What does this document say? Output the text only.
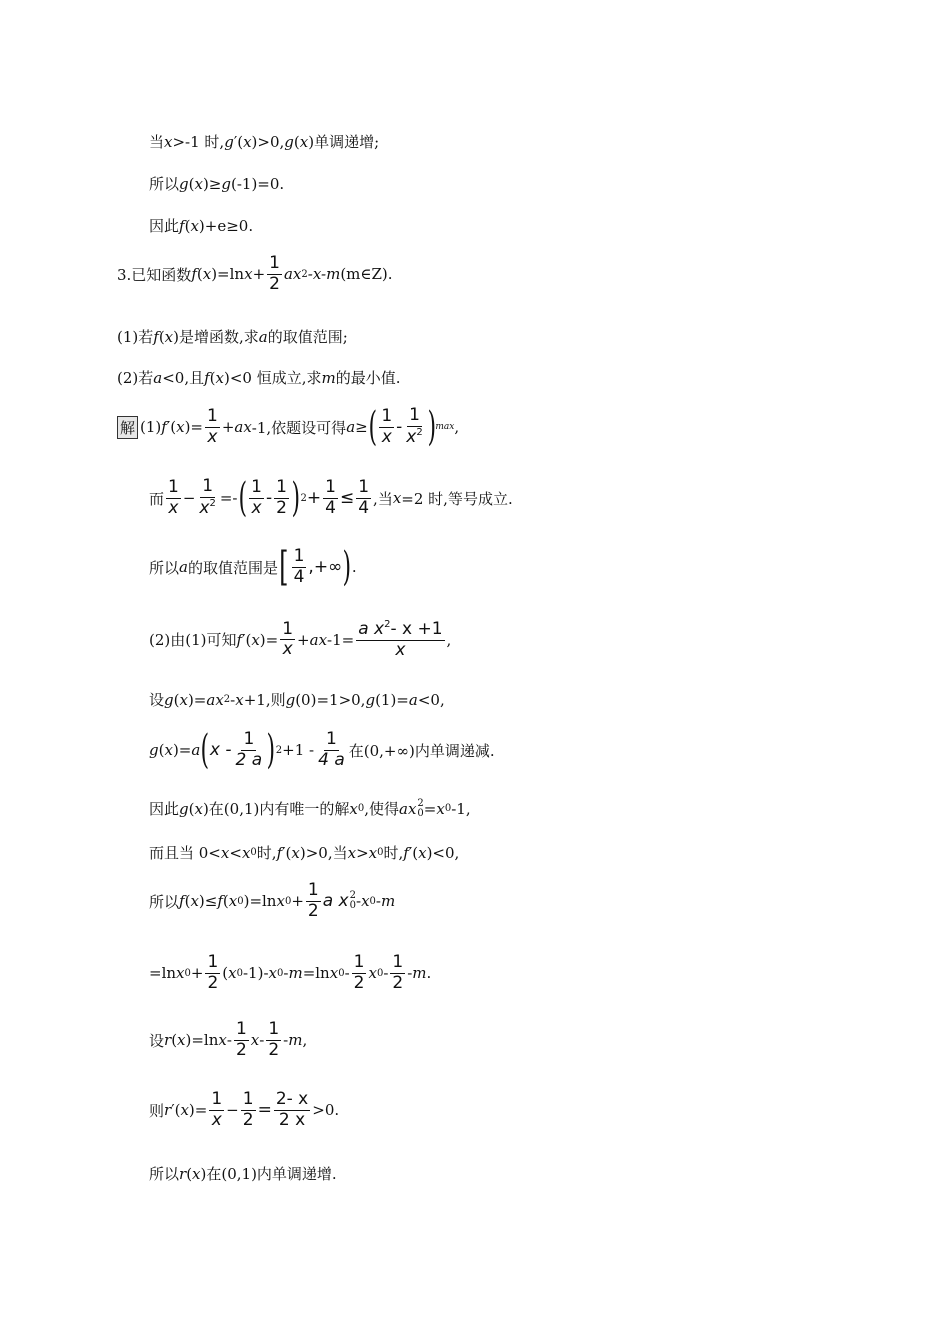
当 x >-1 时, g ′( x )>0, g ( x )单调递增;
所以 g ( x )≥ g (-1)=0.
因此 f ( x )+e≥0.
3.已知函数 f ( x )=ln $x + \frac{1}{2}$ ax 2 -x- m (m∈Z).
(1)若 f ( x )是增函数,求 a 的取值范围;
(2)若 a <0,且 f ( x )<0 恒成立,求 m 的最小值.
解 (1) f ′( x )= $\frac{1}{x}$ + ax -1,依题设可得 a ≥ ( $\frac{1}{x} - \frac{1}{x^2}$ ) max ,
而 $\frac{1}{x} - \frac{1}{x^2}$ =- ( $\frac{1}{x} - \frac{1}{2}$ ) $2 + \frac{1}{4} \le \frac{1}{4}$ ,当 x =2 时,等号成立.
所以 a 的取值范围是 [ $\frac{1}{4}$ ,+∞ ) .
(2)由(1)可知 f ′( x )= $\frac{1}{x}$ + ax $-1= \frac{a x^2- x +1}{x}$ ,
设 g ( x )= ax 2 - x +1,则 g (0)=1>0, g (1)= a <0,
g ( x )= a ( x - $\frac{1}{2 a}$ ) $2 +1 - \frac{1}{4 a}$ 在(0,+∞)内单调递减.
因此 g ( x )在(0,1)内有唯一的解 x 0 ,使得 ax 2
0 = x 0 -1,
而且当 0< x < x 0 时, f ′( x )>0,当 x > x 0 时, f ′( x )<0,
所以 f ( x )≤ f ( x 0 )=ln x $0 + \frac{1}{2}$ a x 2
0 - x 0 - m
=ln x $0 + \frac{1}{2}$ ( x 0 -1)- x 0 - m =ln x $0 - \frac{1}{2}$ x $0 - \frac{1}{2}$ - m .
设 r ( x )=ln x - $\frac{1}{2}$ x - $\frac{1}{2}$ - m ,
则 r ′( x )= $\frac{1}{x} - \frac{1}{2} = \frac{2- x}{2 x} >0$.
所以 r ( x )在(0,1)内单调递增.
